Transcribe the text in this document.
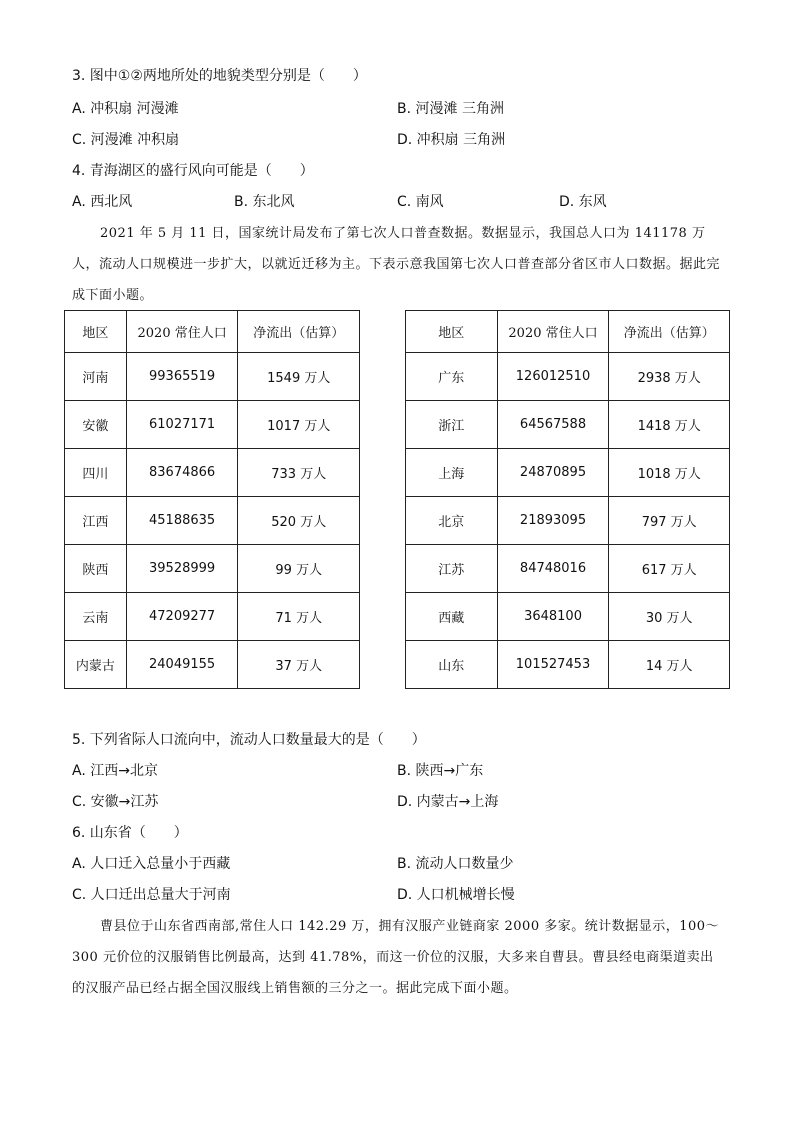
3. 图中①②两地所处的地貌类型分别是（　　）
A. 冲积扇 河漫滩	B. 河漫滩 三角洲
C. 河漫滩 冲积扇	D. 冲积扇 三角洲
4. 青海湖区的盛行风向可能是（　　）
A. 西北风	B. 东北风	C. 南风	D. 东风

2021 年 5 月 11 日，国家统计局发布了第七次人口普查数据。数据显示，我国总人口为 141178 万人，流动人口规模进一步扩大，以就近迁移为主。下表示意我国第七次人口普查部分省区市人口数据。据此完成下面小题。

地区	2020 常住人口	净流出（估算）
河南	99365519	1549 万人
安徽	61027171	1017 万人
四川	83674866	733 万人
江西	45188635	520 万人
陕西	39528999	99 万人
云南	47209277	71 万人
内蒙古	24049155	37 万人
地区	2020 常住人口	净流出（估算）
广东	126012510	2938 万人
浙江	64567588	1418 万人
上海	24870895	1018 万人
北京	21893095	797 万人
江苏	84748016	617 万人
西藏	3648100	30 万人
山东	101527453	14 万人
5. 下列省际人口流向中，流动人口数量最大的是（　　）
A. 江西→北京	B. 陕西→广东
C. 安徽→江苏	D. 内蒙古→上海
6. 山东省（　　）
A. 人口迁入总量小于西藏	B. 流动人口数量少
C. 人口迁出总量大于河南	D. 人口机械增长慢

曹县位于山东省西南部,常住人口 142.29 万，拥有汉服产业链商家 2000 多家。统计数据显示，100～300 元价位的汉服销售比例最高，达到 41.78%，而这一价位的汉服，大多来自曹县。曹县经电商渠道卖出的汉服产品已经占据全国汉服线上销售额的三分之一。据此完成下面小题。
